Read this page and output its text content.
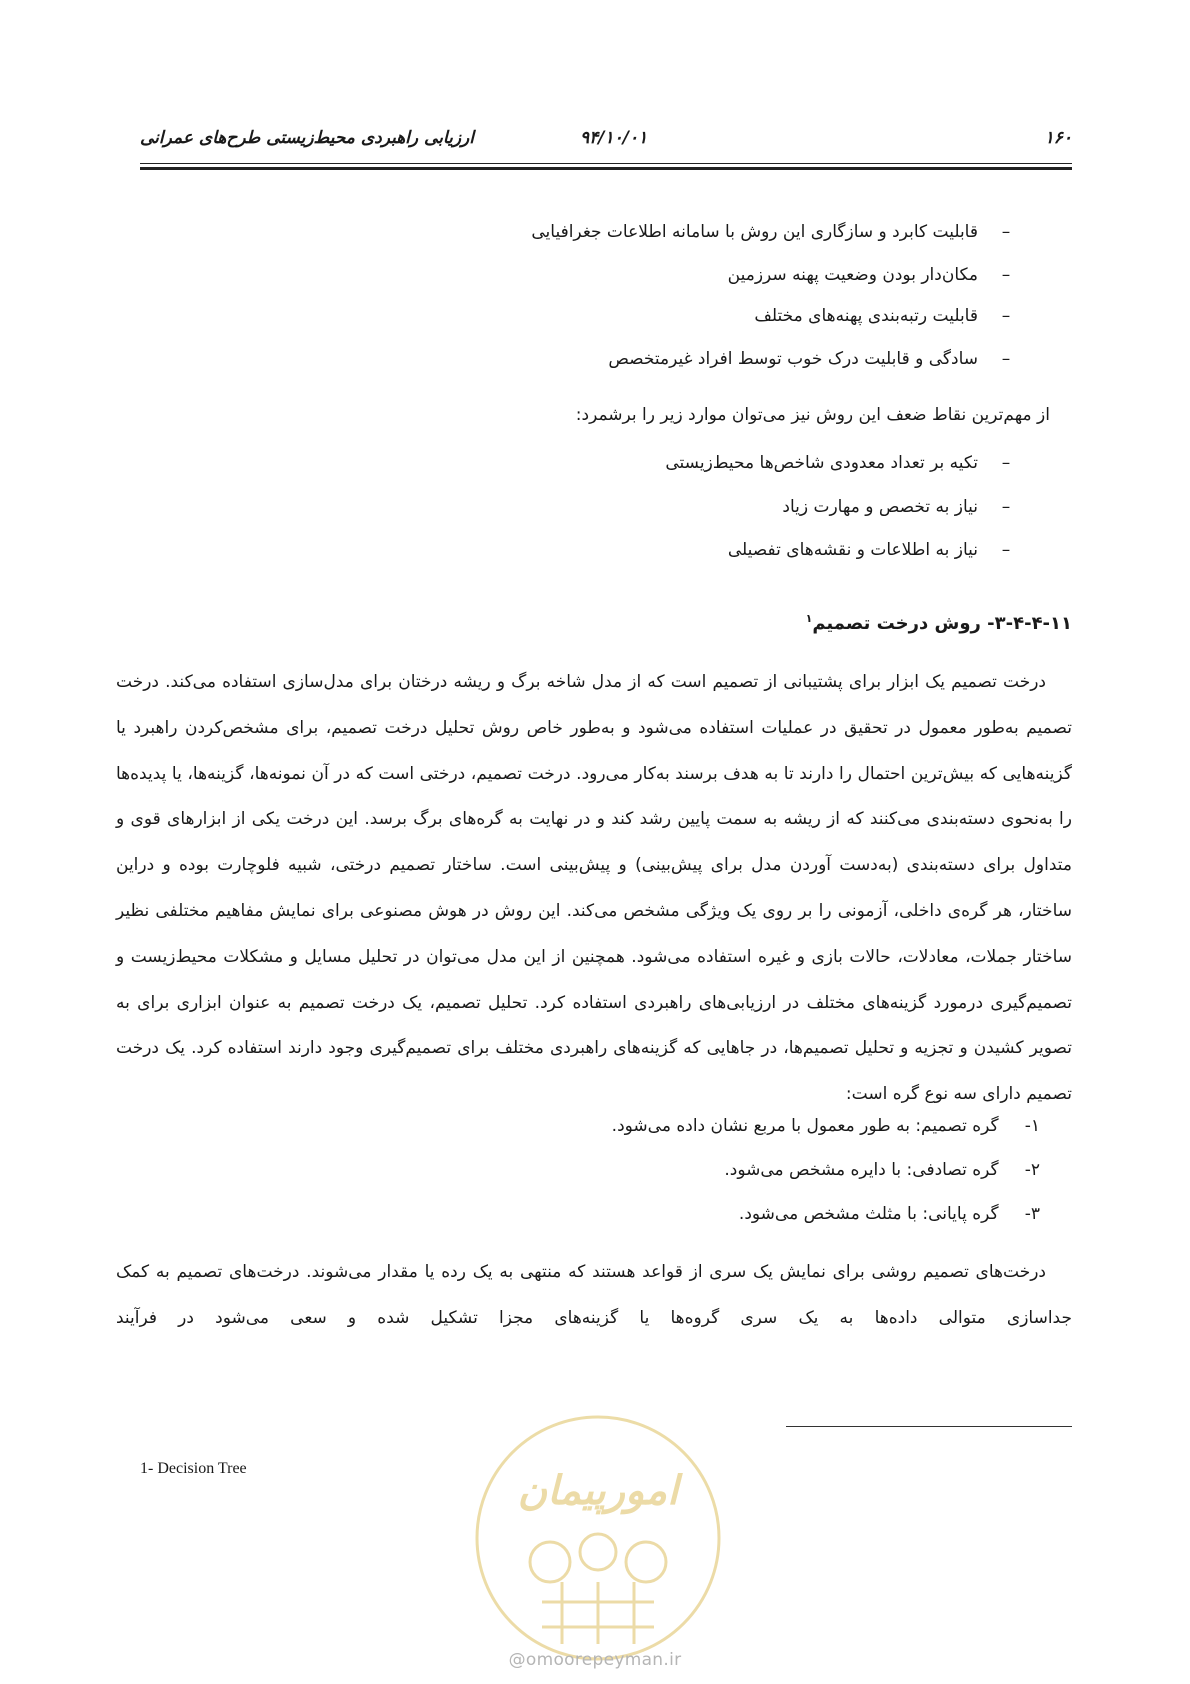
۱۶۰
۹۴/۱۰/۰۱
ارزیابی راهبردی محیط‌زیستی طرح‌های عمرانی
–قابلیت کابرد و سازگاری این روش با سامانه اطلاعات جغرافیایی
–مکان‌دار بودن وضعیت پهنه سرزمین
–قابلیت رتبه‌بندی پهنه‌های مختلف
–سادگی و قابلیت درک خوب توسط افراد غیرمتخصص
از مهم‌ترین نقاط ضعف این روش نیز می‌توان موارد زیر را برشمرد:
–تکیه بر تعداد معدودی شاخص‌ها محیط‌زیستی
–نیاز به تخصص و مهارت زیاد
–نیاز به اطلاعات و نقشه‌های تفصیلی
۳-۴-۴-۱۱- روش درخت تصمیم$^۱$
درخت تصمیم یک ابزار برای پشتیبانی از تصمیم است که از مدل شاخه برگ و ریشه درختان برای مدل‌سازی استفاده می‌کند. درخت تصمیم به‌طور معمول در تحقیق در عملیات استفاده می‌شود و به‌طور خاص روش تحلیل درخت تصمیم، برای مشخص‌کردن راهبرد یا گزینه‌هایی که بیش‌ترین احتمال را دارند تا به هدف برسند به‌کار می‌رود. درخت تصمیم، درختی است که در آن نمونه‌ها، گزینه‌ها، یا پدیده‌ها را به‌نحوی دسته‌بندی می‌کنند که از ریشه به سمت پایین رشد کند و در نهایت به گره‌های برگ برسد. این درخت یکی از ابزارهای قوی و متداول برای دسته‌بندی (به‌دست آوردن مدل برای پیش‌بینی) و پیش‌بینی است. ساختار تصمیم درختی، شبیه فلوچارت بوده و دراین ساختار، هر گره‌ی داخلی، آزمونی را بر روی یک ویژگی مشخص می‌کند. این روش در هوش مصنوعی برای نمایش مفاهیم مختلفی نظیر ساختار جملات، معادلات، حالات بازی و غیره استفاده می‌شود. همچنین از این مدل می‌توان در تحلیل مسایل و مشکلات محیط‌زیست و تصمیم‌گیری درمورد گزینه‌های مختلف در ارزیابی‌های راهبردی استفاده کرد. تحلیل تصمیم، یک درخت تصمیم به عنوان ابزاری برای به تصویر کشیدن و تجزیه و تحلیل تصمیم‌ها، در جاهایی که گزینه‌های راهبردی مختلف برای تصمیم‌گیری وجود دارند استفاده کرد. یک درخت تصمیم دارای سه نوع گره است:
۱- گره تصمیم: به طور معمول با مربع نشان داده می‌شود.
۲- گره تصادفی: با دایره مشخص می‌شود.
۳- گره پایانی: با مثلث مشخص می‌شود.
درخت‌های تصمیم روشی برای نمایش یک سری از قواعد هستند که منتهی به یک رده یا مقدار می‌شوند. درخت‌های تصمیم به کمک جداسازی متوالی داده‌ها به یک سری گروه‌ها یا گزینه‌های مجزا تشکیل شده و سعی می‌شود در فرآیند
1- Decision Tree	امورپیمان
@omoorepeyman.ir
